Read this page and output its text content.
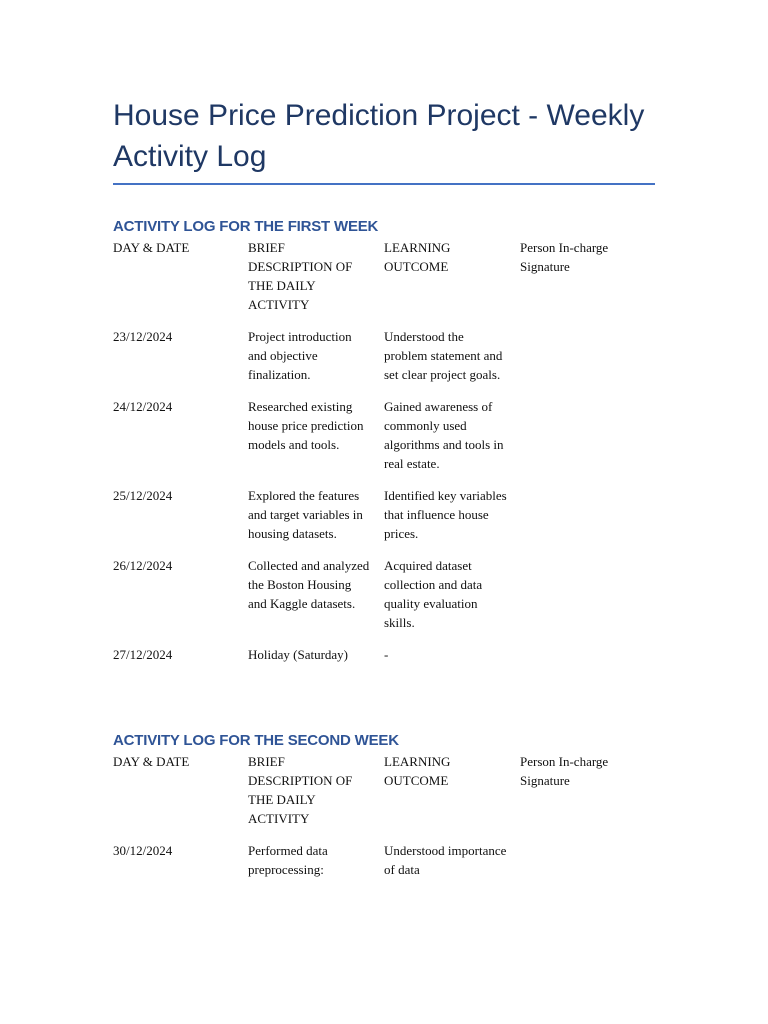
House Price Prediction Project - Weekly Activity Log
ACTIVITY LOG FOR THE FIRST WEEK
DAY & DATE	BRIEF DESCRIPTION OF THE DAILY ACTIVITY	LEARNING OUTCOME	Person In-charge Signature
23/12/2024	Project introduction and objective finalization.	Understood the problem statement and set clear project goals.	
24/12/2024	Researched existing house price prediction models and tools.	Gained awareness of commonly used algorithms and tools in real estate.	
25/12/2024	Explored the features and target variables in housing datasets.	Identified key variables that influence house prices.	
26/12/2024	Collected and analyzed the Boston Housing and Kaggle datasets.	Acquired dataset collection and data quality evaluation skills.	
27/12/2024	Holiday (Saturday)	-	
ACTIVITY LOG FOR THE SECOND WEEK
DAY & DATE	BRIEF DESCRIPTION OF THE DAILY ACTIVITY	LEARNING OUTCOME	Person In-charge Signature
30/12/2024	Performed data preprocessing:	Understood importance of data	
